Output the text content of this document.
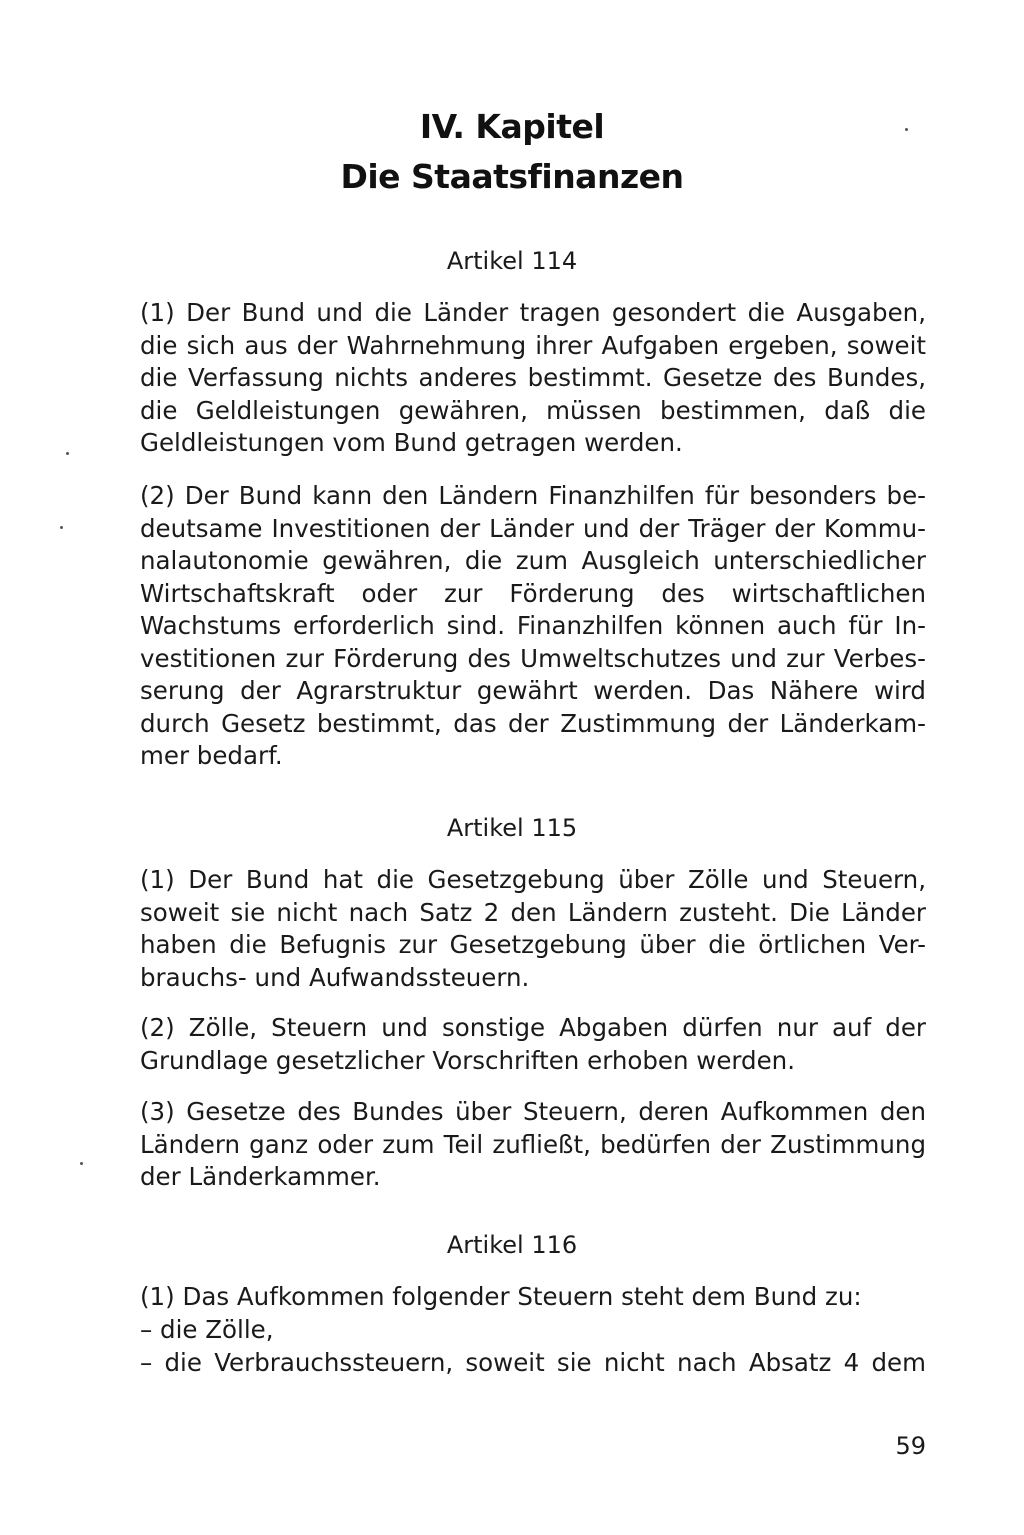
IV. Kapitel
Die Staatsfinanzen
Artikel 114
(1) Der Bund und die Länder tragen gesondert die Ausgaben,
die sich aus der Wahrnehmung ihrer Aufgaben ergeben, soweit
die Verfassung nichts anderes bestimmt. Gesetze des Bundes,
die Geldleistungen gewähren, müssen bestimmen, daß die
Geldleistungen vom Bund getragen werden.
(2) Der Bund kann den Ländern Finanzhilfen für besonders be-
deutsame Investitionen der Länder und der Träger der Kommu-
nalautonomie gewähren, die zum Ausgleich unterschiedlicher
Wirtschaftskraft oder zur Förderung des wirtschaftlichen
Wachstums erforderlich sind. Finanzhilfen können auch für In-
vestitionen zur Förderung des Umweltschutzes und zur Verbes-
serung der Agrarstruktur gewährt werden. Das Nähere wird
durch Gesetz bestimmt, das der Zustimmung der Länderkam-
mer bedarf.
Artikel 115
(1) Der Bund hat die Gesetzgebung über Zölle und Steuern,
soweit sie nicht nach Satz 2 den Ländern zusteht. Die Länder
haben die Befugnis zur Gesetzgebung über die örtlichen Ver-
brauchs- und Aufwandssteuern.
(2) Zölle, Steuern und sonstige Abgaben dürfen nur auf der
Grundlage gesetzlicher Vorschriften erhoben werden.
(3) Gesetze des Bundes über Steuern, deren Aufkommen den
Ländern ganz oder zum Teil zufließt, bedürfen der Zustimmung
der Länderkammer.
Artikel 116
(1) Das Aufkommen folgender Steuern steht dem Bund zu:
– die Zölle,
– die Verbrauchssteuern, soweit sie nicht nach Absatz 4 dem
59
